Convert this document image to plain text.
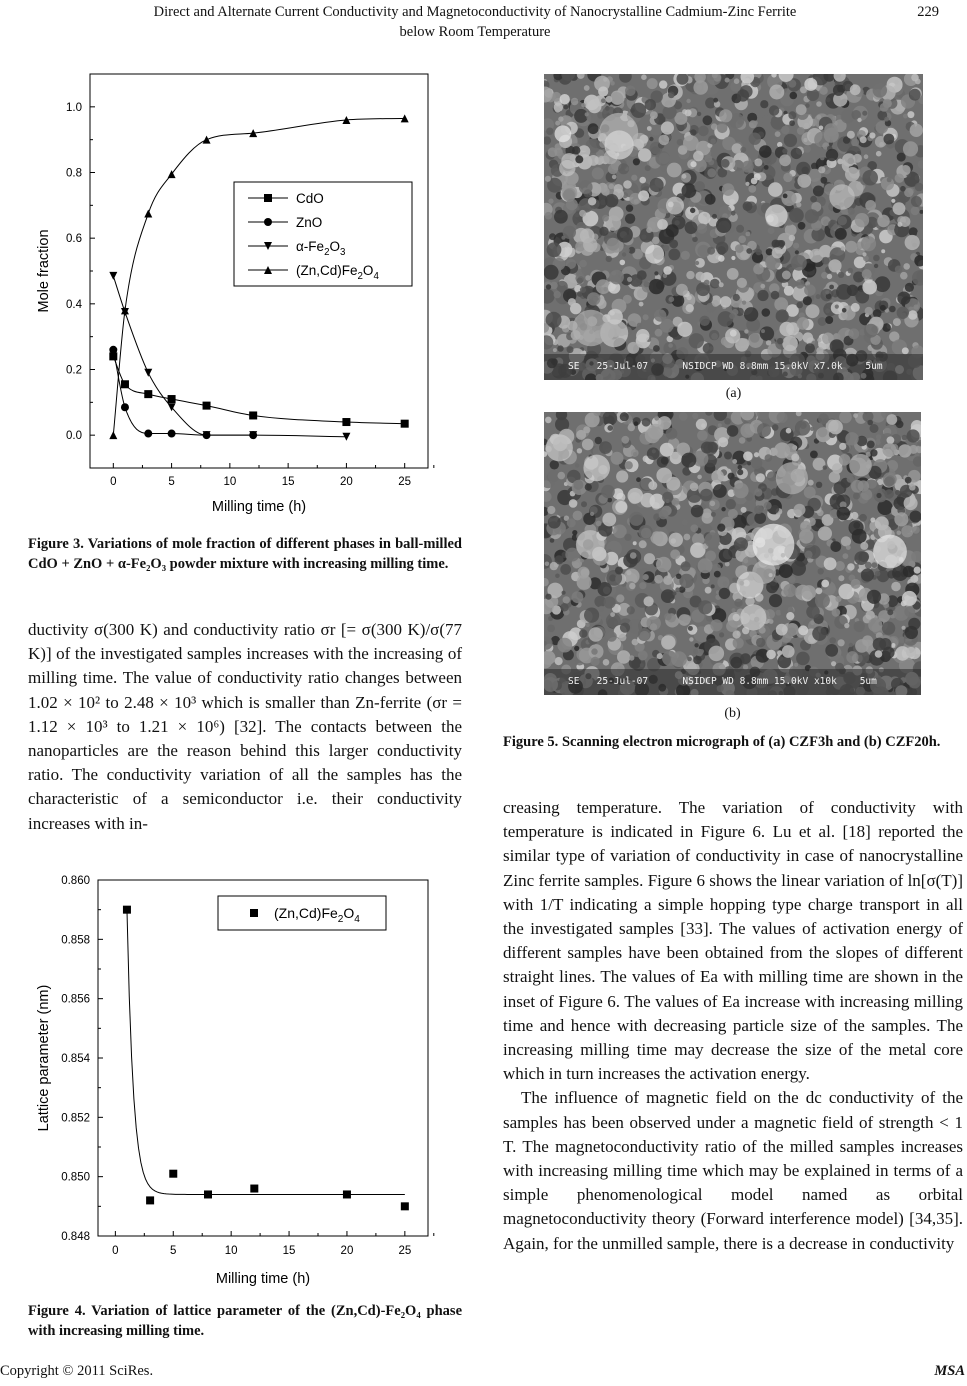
Direct and Alternate Current Conductivity and Magnetoconductivity of Nanocrystalline Cadmium-Zinc Ferrite
below Room Temperature
229
0	5	10	15	20	25
0.0
0.2
0.4
0.6
0.8
1.0
Milling time (h)
Mole fraction
CdO
ZnO
$\alpha-Fe_2O_3$
$(Zn,Cd)Fe_2O_4$
Figure 3. Variations of mole fraction of different phases in ball-milled CdO + ZnO + α-Fe₂O₃ powder mixture with increasing milling time.

ductivity σ(300 K) and conductivity ratio σr [= σ(300 K)/σ(77 K)] of the investigated samples increases with the increasing of milling time. The value of conductivity ratio changes between 1.02 × 10² to 2.48 × 10³ which is smaller than Zn-ferrite (σr = 1.12 × 10³ to 1.21 × 10⁶) [32]. The contacts between the nanoparticles are the reason behind this larger conductivity ratio. The conductivity variation of all the samples has the characteristic of a semiconductor i.e. their conductivity increases with in-

0	5	10	15	20	25
0.848
0.850
0.852
0.854
0.856
0.858
0.860
Milling time (h)
Lattice parameter (nm)
$(Zn,Cd)Fe_2O_4$
Figure 4. Variation of lattice parameter of the (Zn,Cd)-Fe₂O₄ phase with increasing milling time.
SE   25-Jul-07      NSIDCP WD 8.8mm 15.0kV x7.0k    5um
(a)
SE   25-Jul-07      NSIDCP WD 8.8mm 15.0kV x10k    5um
(b)
Figure 5. Scanning electron micrograph of (a) CZF3h and (b) CZF20h.

creasing temperature. The variation of conductivity with temperature is indicated in Figure 6. Lu et al. [18] reported the similar type of variation of conductivity in case of nanocrystalline Zinc ferrite samples. Figure 6 shows the linear variation of ln[σ(T)] with 1/T indicating a simple hopping type charge transport in all the investigated samples [33]. The values of activation energy of different samples have been obtained from the slopes of different straight lines. The values of Ea with milling time are shown in the inset of Figure 6. The values of Ea increase with increasing milling time and hence with decreasing particle size of the samples. The increasing milling time may decrease the size of the metal core which in turn increases the activation energy.

The influence of magnetic field on the dc conductivity of the samples has been observed under a magnetic field of strength < 1 T. The magnetoconductivity ratio of the milled samples increases with increasing milling time which may be explained in terms of a simple phenomenological model named as orbital magnetoconductivity theory (Forward interference model) [34,35]. Again, for the unmilled sample, there is a decrease in conductivity

Copyright © 2011 SciRes.	MSA
